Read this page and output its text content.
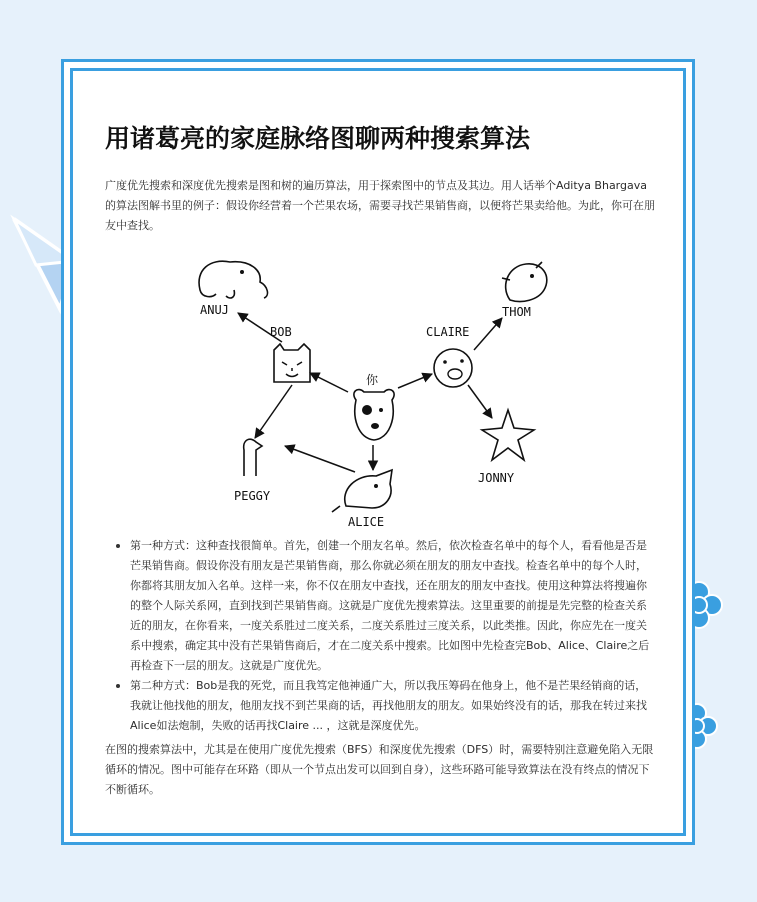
用诸葛亮的家庭脉络图聊两种搜索算法

广度优先搜索和深度优先搜索是图和树的遍历算法，用于探索图中的节点及其边。用人话举个Aditya Bhargava的算法图解书里的例子：假设你经营着一个芒果农场，需要寻找芒果销售商，以便将芒果卖给他。为此，你可在朋友中查找。

ANUJ
BOB	CLAIRE
THOM
你
JONNY
PEGGY
ALICE
第一种方式：这种查找很简单。首先，创建一个朋友名单。然后，依次检查名单中的每个人，看看他是否是芒果销售商。假设你没有朋友是芒果销售商，那么你就必须在朋友的朋友中查找。检查名单中的每个人时，你都将其朋友加入名单。这样一来，你不仅在朋友中查找，还在朋友的朋友中查找。使用这种算法将搜遍你的整个人际关系网，直到找到芒果销售商。这就是广度优先搜索算法。这里重要的前提是先完整的检查关系近的朋友，在你看来，一度关系胜过二度关系，二度关系胜过三度关系，以此类推。因此，你应先在一度关系中搜索，确定其中没有芒果销售商后，才在二度关系中搜索。比如图中先检查完Bob、Alice、Claire之后再检查下一层的朋友。这就是广度优先。
第二种方式：Bob是我的死党，而且我笃定他神通广大，所以我压筹码在他身上，他不是芒果经销商的话，我就让他找他的朋友，他朋友找不到芒果商的话，再找他朋友的朋友。如果始终没有的话，那我在转过来找Alice如法炮制，失败的话再找Claire ... ，这就是深度优先。

在图的搜索算法中，尤其是在使用广度优先搜索（BFS）和深度优先搜索（DFS）时，需要特别注意避免陷入无限循环的情况。图中可能存在环路（即从一个节点出发可以回到自身），这些环路可能导致算法在没有终点的情况下不断循环。
